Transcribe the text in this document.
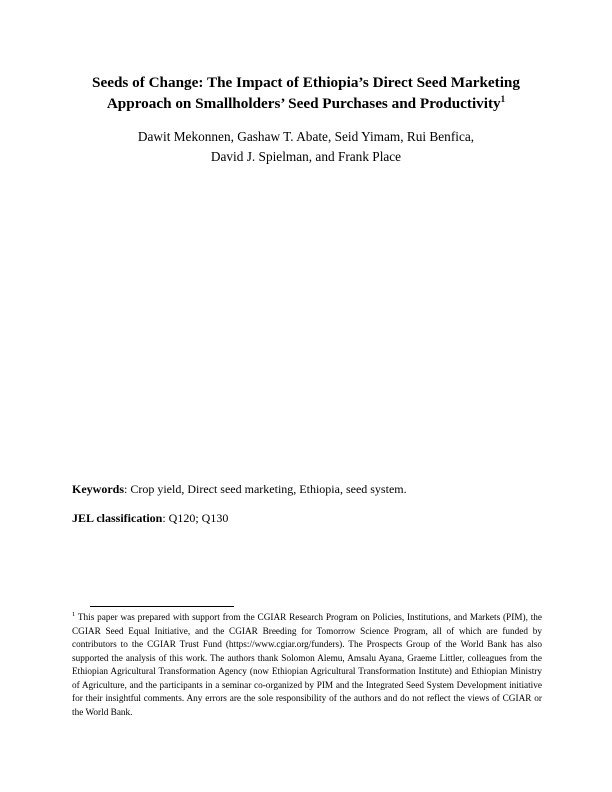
Seeds of Change: The Impact of Ethiopia’s Direct Seed Marketing
Approach on Smallholders’ Seed Purchases and Productivity$^1$

Dawit Mekonnen, Gashaw T. Abate, Seid Yimam, Rui Benfica,
David J. Spielman, and Frank Place

Keywords: Crop yield, Direct seed marketing, Ethiopia, seed system.

JEL classification: Q120; Q130

$^1$ This paper was prepared with support from the CGIAR Research Program on Policies, Institutions, and Markets (PIM), the CGIAR Seed Equal Initiative, and the CGIAR Breeding for Tomorrow Science Program, all of which are funded by contributors to the CGIAR Trust Fund (https://www.cgiar.org/funders). The Prospects Group of the World Bank has also supported the analysis of this work. The authors thank Solomon Alemu, Amsalu Ayana, Graeme Littler, colleagues from the Ethiopian Agricultural Transformation Agency (now Ethiopian Agricultural Transformation Institute) and Ethiopian Ministry of Agriculture, and the participants in a seminar co-organized by PIM and the Integrated Seed System Development initiative for their insightful comments. Any errors are the sole responsibility of the authors and do not reflect the views of CGIAR or the World Bank.
